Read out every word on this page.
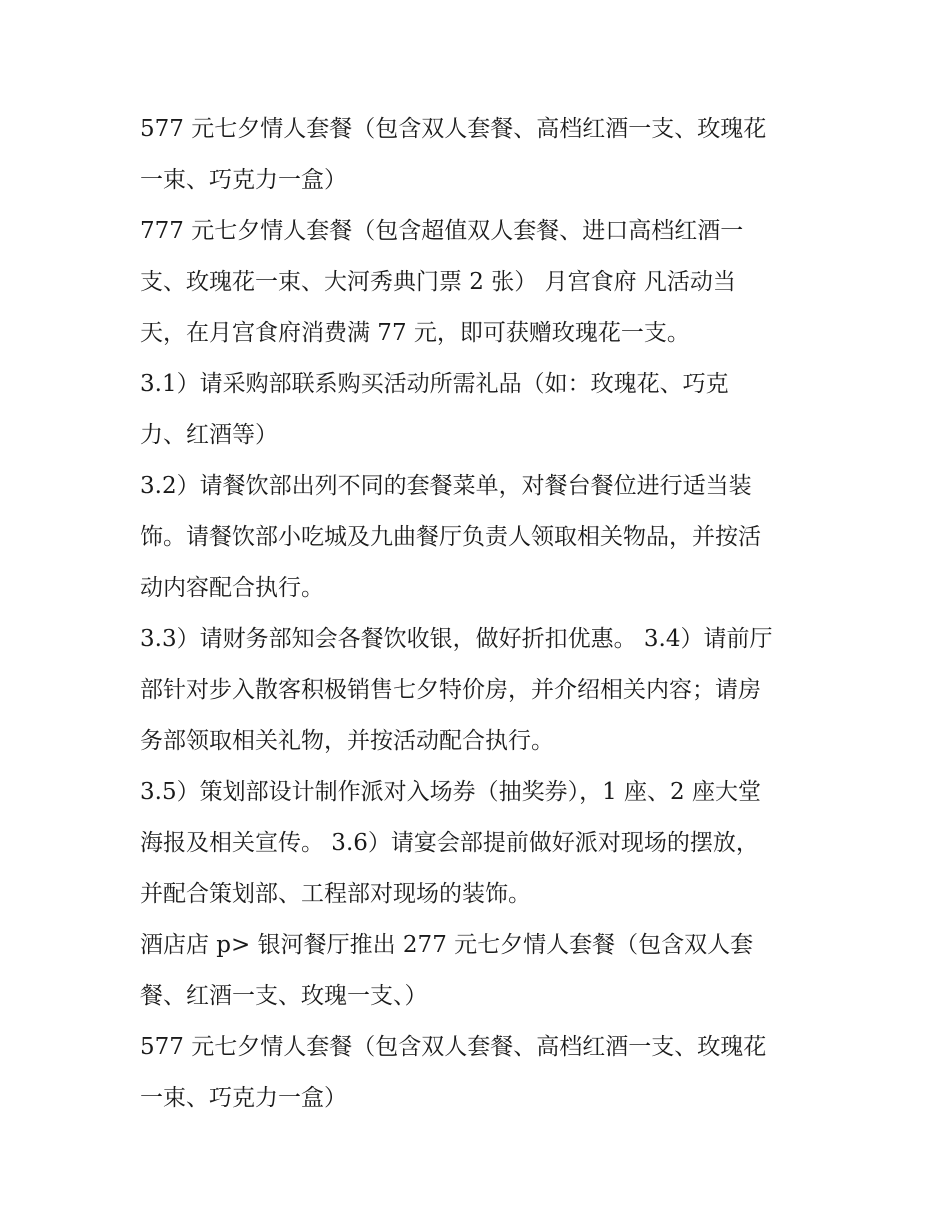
577 元七夕情人套餐（包含双人套餐、高档红酒一支、玫瑰花
一束、巧克力一盒）
777 元七夕情人套餐（包含超值双人套餐、进口高档红酒一
支、玫瑰花一束、大河秀典门票 2 张） 月宫食府 凡活动当
天，在月宫食府消费满 77 元，即可获赠玫瑰花一支。
3.1）请采购部联系购买活动所需礼品（如：玫瑰花、巧克
力、红酒等）
3.2）请餐饮部出列不同的套餐菜单，对餐台餐位进行适当装
饰。请餐饮部小吃城及九曲餐厅负责人领取相关物品，并按活
动内容配合执行。
3.3）请财务部知会各餐饮收银，做好折扣优惠。 3.4）请前厅
部针对步入散客积极销售七夕特价房，并介绍相关内容；请房
务部领取相关礼物，并按活动配合执行。
3.5）策划部设计制作派对入场券（抽奖券），1 座、2 座大堂
海报及相关宣传。 3.6）请宴会部提前做好派对现场的摆放，
并配合策划部、工程部对现场的装饰。
酒店店 p> 银河餐厅推出 277 元七夕情人套餐（包含双人套
餐、红酒一支、玫瑰一支、）
577 元七夕情人套餐（包含双人套餐、高档红酒一支、玫瑰花
一束、巧克力一盒）
